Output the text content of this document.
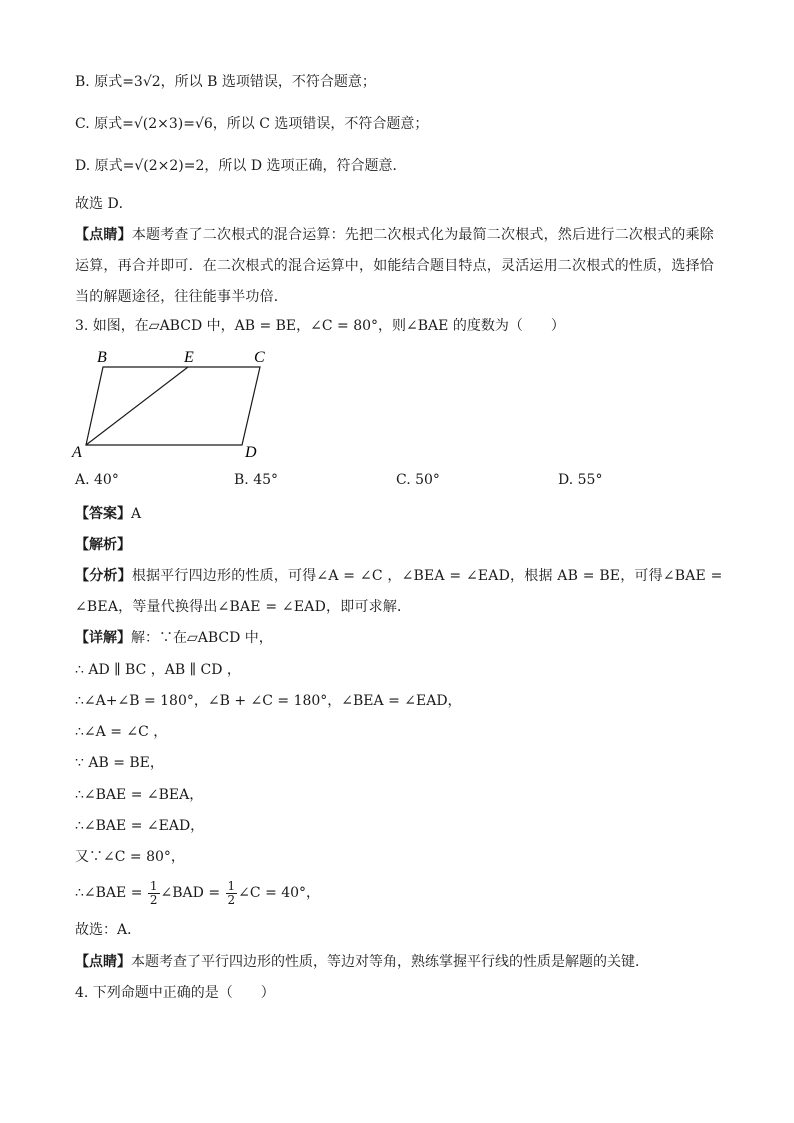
B. 原式=3√2，所以 B 选项错误，不符合题意；
C. 原式=√(2×3)=√6，所以 C 选项错误，不符合题意；
D. 原式=√(2×2)=2，所以 D 选项正确，符合题意．
故选 D．
【点睛】本题考查了二次根式的混合运算：先把二次根式化为最简二次根式，然后进行二次根式的乘除运算，再合并即可．在二次根式的混合运算中，如能结合题目特点，灵活运用二次根式的性质，选择恰当的解题途径，往往能事半功倍．
3. 如图，在▱ABCD 中，AB = BE，∠C = 80°，则∠BAE 的度数为（　　）
B	E	C
A	D
A. 40°	B. 45°	C. 50°	D. 55°
【答案】A
【解析】
【分析】根据平行四边形的性质，可得∠A = ∠C ，∠BEA = ∠EAD，根据 AB = BE，可得∠BAE = ∠BEA，等量代换得出∠BAE = ∠EAD，即可求解．
【详解】解：∵在▱ABCD 中，
∴ AD ∥ BC ，AB ∥ CD ，
∴∠A+∠B = 180°，∠B + ∠C = 180°，∠BEA = ∠EAD，
∴∠A = ∠C ，
∵ AB = BE，
∴∠BAE = ∠BEA，
∴∠BAE = ∠EAD，
又∵∠C = 80°，
∴∠BAE = $\frac{1}{2}$ ∠BAD = $\frac{1}{2}$ ∠C = 40°，
故选：A．
【点睛】本题考查了平行四边形的性质，等边对等角，熟练掌握平行线的性质是解题的关键．
4. 下列命题中正确的是（　　）
